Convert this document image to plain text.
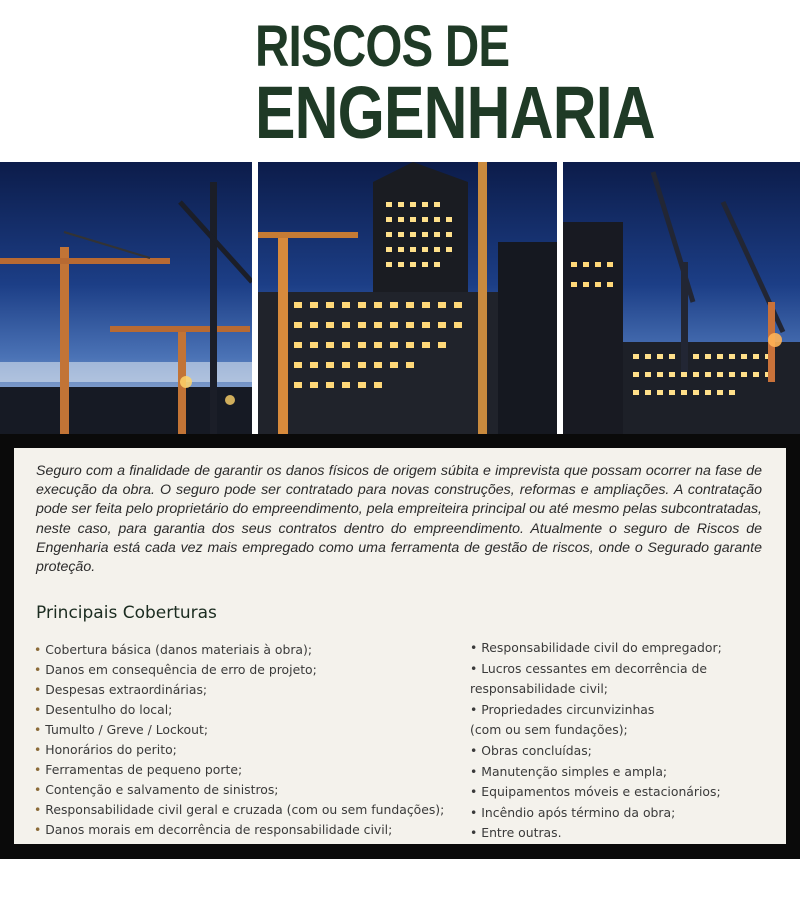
RISCOS DE
ENGENHARIA

Seguro com a finalidade de garantir os danos físicos de origem súbita e imprevista que possam ocorrer na fase de execução da obra. O seguro pode ser contratado para novas construções, reformas e ampliações. A contratação pode ser feita pelo proprietário do empreendimento, pela empreiteira principal ou até mesmo pelas subcontratadas, neste caso, para garantia dos seus contratos dentro do empreendimento. Atualmente o seguro de Riscos de Engenharia está cada vez mais empregado como uma ferramenta de gestão de riscos, onde o Segurado garante proteção.

Principais Coberturas
• Cobertura básica (danos materiais à obra);
• Danos em consequência de erro de projeto;
• Despesas extraordinárias;
• Desentulho do local;
• Tumulto / Greve / Lockout;
• Honorários do perito;
• Ferramentas de pequeno porte;
• Contenção e salvamento de sinistros;
• Responsabilidade civil geral e cruzada (com ou sem fundações);
• Danos morais em decorrência de responsabilidade civil;
• Responsabilidade civil do empregador;
• Lucros cessantes em decorrência de
responsabilidade civil;
• Propriedades circunvizinhas
(com ou sem fundações);
• Obras concluídas;
• Manutenção simples e ampla;
• Equipamentos móveis e estacionários;
• Incêndio após término da obra;
• Entre outras.
